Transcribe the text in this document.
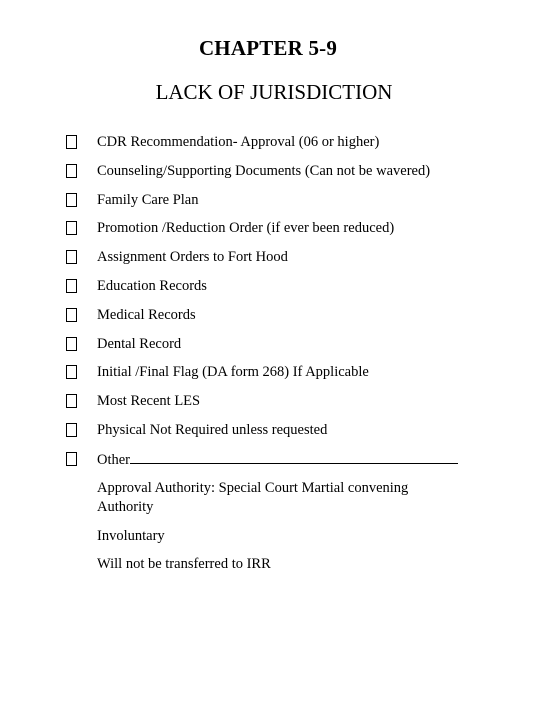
CHAPTER 5-9
LACK OF JURISDICTION
CDR Recommendation- Approval (06 or higher)
Counseling/Supporting Documents (Can not be wavered)
Family Care Plan
Promotion /Reduction Order (if ever been reduced)
Assignment Orders to Fort Hood
Education Records
Medical Records
Dental Record
Initial /Final Flag (DA form 268) If Applicable
Most Recent LES
Physical Not Required unless requested
Other
Approval Authority: Special Court Martial convening Authority
Involuntary
Will not be transferred to IRR
